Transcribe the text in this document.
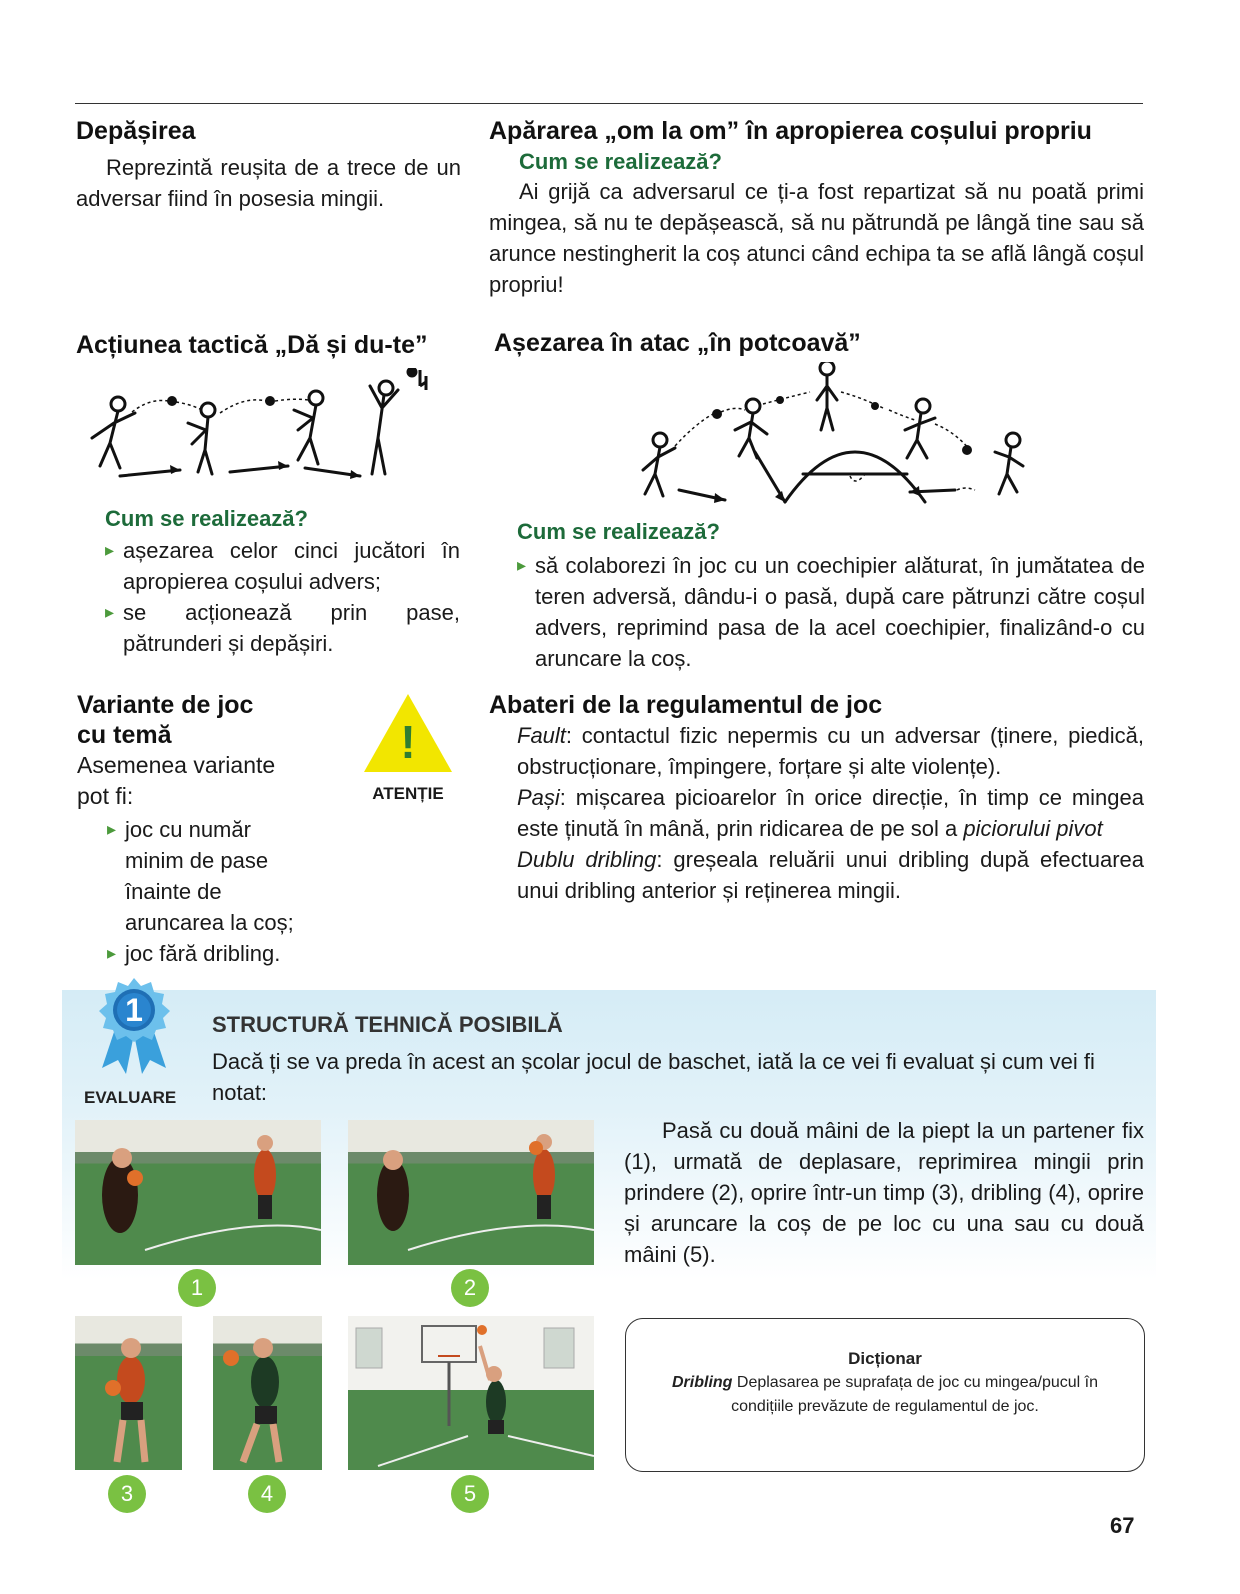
Depășirea
Reprezintă reușita de a trece de un adversar fiind în posesia mingii.
Apărarea „om la om” în apropierea coșului propriu
Cum se realizează?
Ai grijă ca adversarul ce ți-a fost repartizat să nu poată primi mingea, să nu te depășească, să nu pătrundă pe lângă tine sau să arunce nestingherit la coș atunci când echipa ta se află lângă coșul propriu!
Acțiunea tactică „Dă și du-te”
Cum se realizează?
▸ așezarea celor cinci jucători în apropierea coșului advers;
▸ se acționează prin pase, pătrunderi și depășiri.
Așezarea în atac „în potcoavă”
Cum se realizează?
▸ să colaborezi în joc cu un coechipier alăturat, în jumătatea de teren adversă, dându-i o pasă, după care pătrunzi către coșul advers, reprimind pasa de la acel coechipier, finalizând-o cu aruncare la coș.
Variante de joc
cu temă
Asemenea variante
pot fi:
▸ joc cu număr minim de pase înainte de aruncarea la coș;
▸ joc fără dribling.
!
ATENȚIE
Abateri de la regulamentul de joc
Fault: contactul fizic nepermis cu un adversar (ținere, piedică, obstrucționare, împingere, forțare și alte violențe).
Pași: mișcarea picioarelor în orice direcție, în timp ce mingea este ținută în mână, prin ridicarea de pe sol a piciorului pivot
Dublu dribling: greșeala reluării unui dribling după efectuarea unui dribling anterior și reținerea mingii.
1
EVALUARE
STRUCTURĂ TEHNICĂ POSIBILĂ
Dacă ți se va preda în acest an școlar jocul de baschet, iată la ce vei fi evaluat și cum vei fi notat:
Pasă cu două mâini de la piept la un partener fix (1), urmată de deplasare, reprimirea mingii prin prindere (2), oprire într-un timp (3), dribling (4), oprire și aruncare la coș de pe loc cu una sau cu două mâini (5).
1	2
3	4	5
Dicționar
Dribling Deplasarea pe suprafața de joc cu mingea/pucul în condițiile prevăzute de regulamentul de joc.
67
